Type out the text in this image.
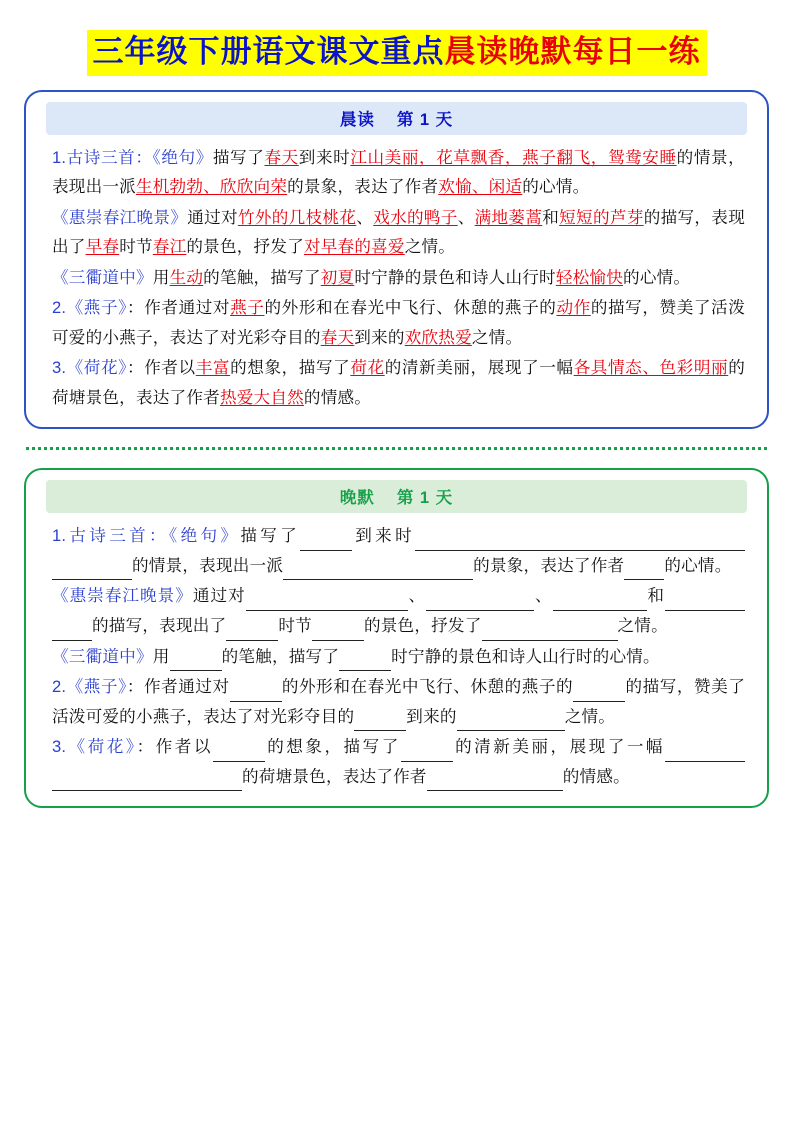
三年级下册语文课文重点晨读晚默每日一练
晨读 第 1 天

1.古诗三首：《绝句》描写了春天到来时江山美丽，花草飘香，燕子翻飞，鸳鸯安睡的情景，表现出一派生机勃勃、欣欣向荣的景象，表达了作者欢愉、闲适的心情。

《惠崇春江晚景》通过对竹外的几枝桃花、戏水的鸭子、满地蒌蒿和短短的芦芽的描写，表现出了早春时节春江的景色，抒发了对早春的喜爱之情。

《三衢道中》用生动的笔触，描写了初夏时宁静的景色和诗人山行时轻松愉快的心情。

2.《燕子》：作者通过对燕子的外形和在春光中飞行、休憩的燕子的动作的描写，赞美了活泼可爱的小燕子，表达了对光彩夺目的春天到来的欢欣热爱之情。

3.《荷花》：作者以丰富的想象，描写了荷花的清新美丽，展现了一幅各具情态、色彩明丽的荷塘景色，表达了作者热爱大自然的情感。

晚默 第 1 天

1.古诗三首：《绝句》描写了	到来时  的情景，表现出一派	的景象，表达了作者 的心情。

《惠崇春江晚景》通过对	、	、	和  的描写，表现出了	时节	的景色，抒发了	之情。

《三衢道中》用	的笔触，描写了	时宁静的景色和诗人山行时的心情。

2.《燕子》：作者通过对	的外形和在春光中飞行、休憩的燕子的	的描写，赞美了活泼可爱的小燕子，表达了对光彩夺目的	到来的	之情。

3.《荷花》：作者以	的想象，描写了	的清新美丽，展现了一幅  的荷塘景色，表达了作者	的情感。
